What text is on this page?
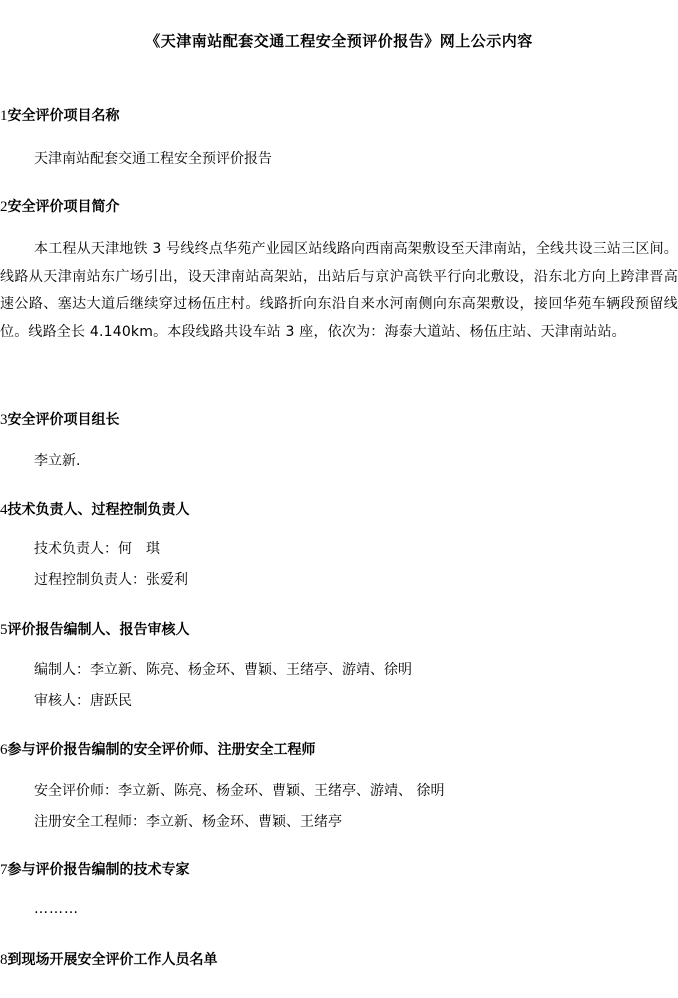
《天津南站配套交通工程安全预评价报告》网上公示内容
1安全评价项目名称
天津南站配套交通工程安全预评价报告
2安全评价项目简介
本工程从天津地铁 3 号线终点华苑产业园区站线路向西南高架敷设至天津南站，全线共设三站三区间。线路从天津南站东广场引出，设天津南站高架站，出站后与京沪高铁平行向北敷设，沿东北方向上跨津晋高速公路、塞达大道后继续穿过杨伍庄村。线路折向东沿自来水河南侧向东高架敷设，接回华苑车辆段预留线位。线路全长 4.140km。本段线路共设车站 3 座，依次为：海泰大道站、杨伍庄站、天津南站站。
3安全评价项目组长
李立新.
4技术负责人、过程控制负责人
技术负责人：何　琪
过程控制负责人：张爱利
5评价报告编制人、报告审核人
编制人：李立新、陈亮、杨金环、曹颖、王绪亭、游靖、徐明
审核人：唐跃民
6参与评价报告编制的安全评价师、注册安全工程师
安全评价师：李立新、陈亮、杨金环、曹颖、王绪亭、游靖、 徐明
注册安全工程师：李立新、杨金环、曹颖、王绪亭
7参与评价报告编制的技术专家
………
8到现场开展安全评价工作人员名单
